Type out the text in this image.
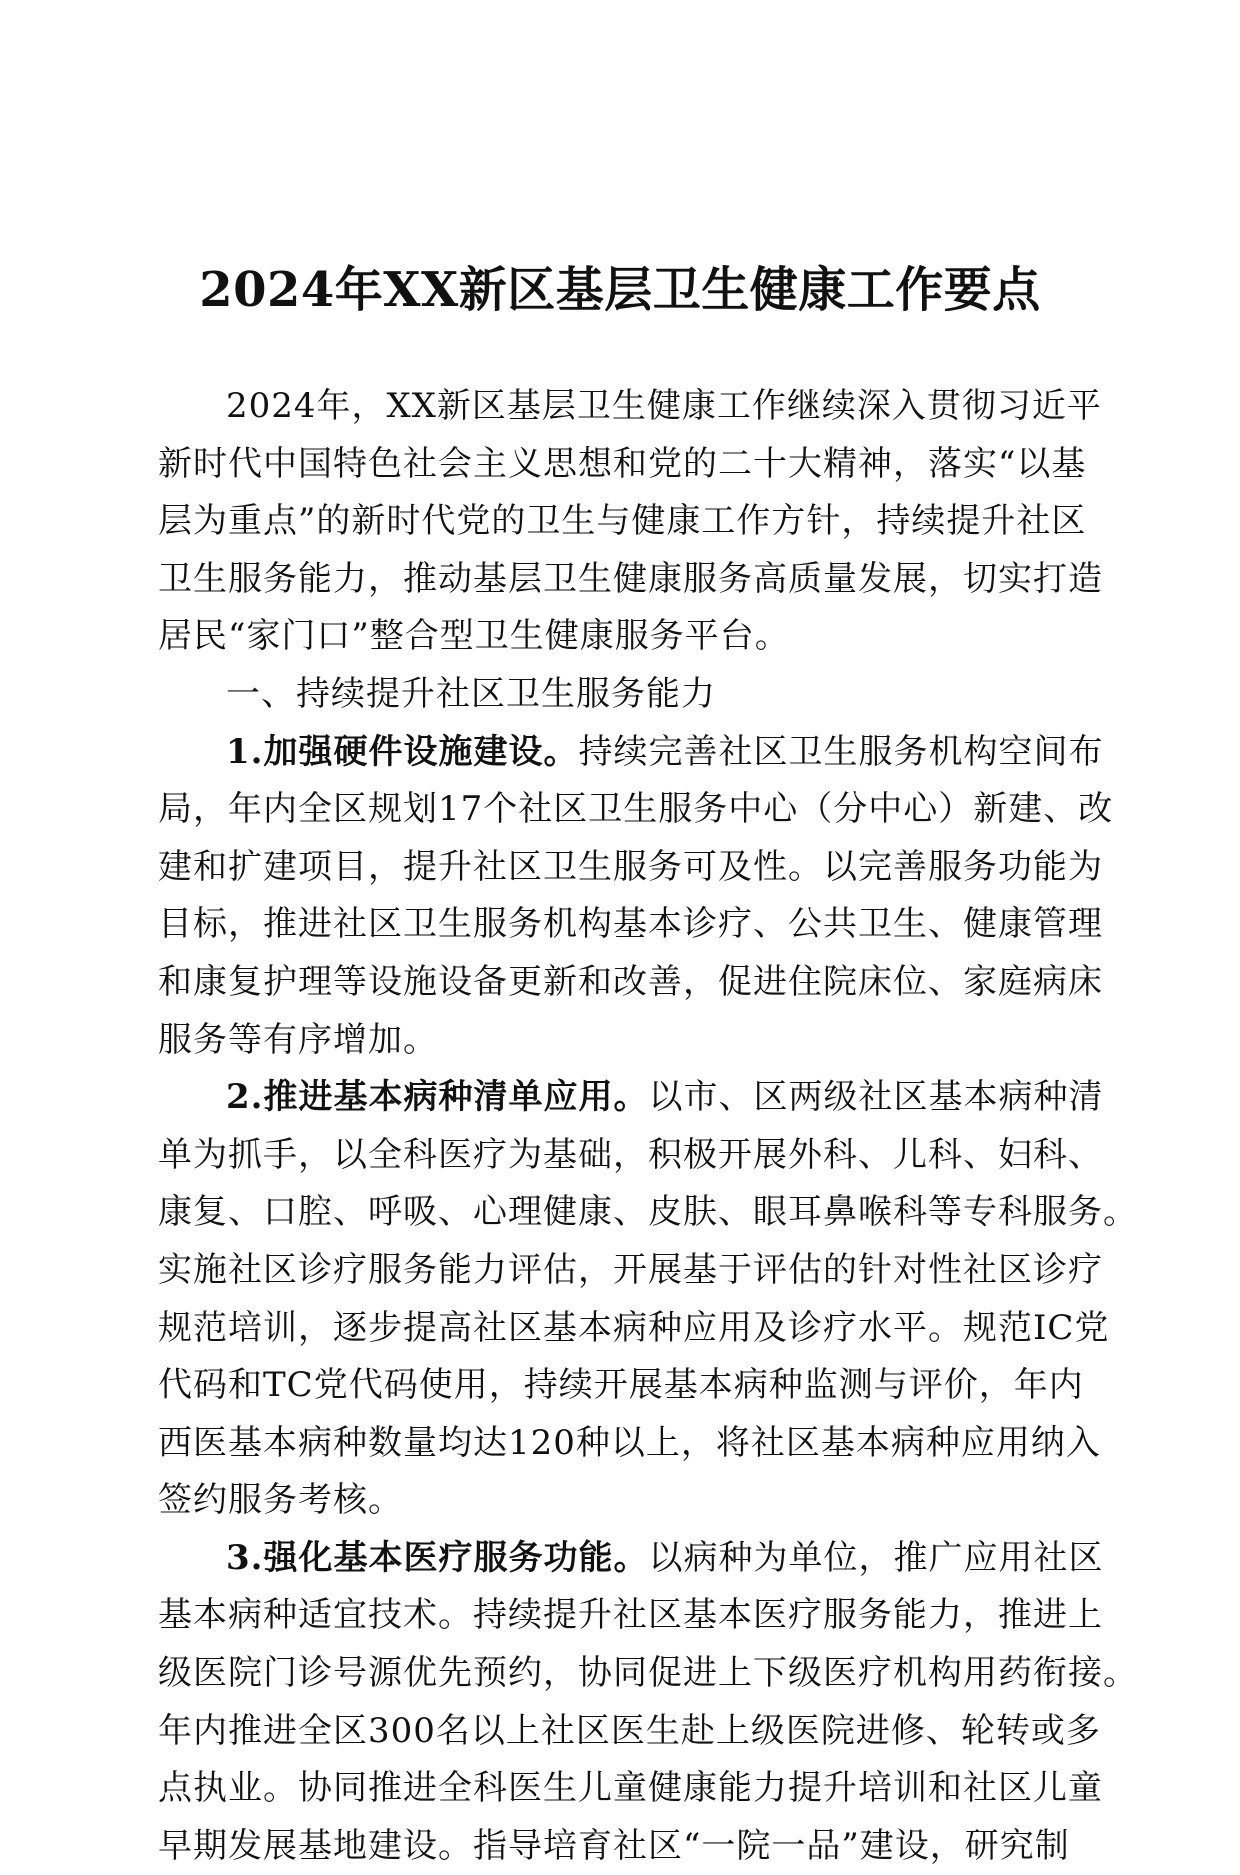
2024年XX新区基层卫生健康工作要点
2024年，XX新区基层卫生健康工作继续深入贯彻习近平
新时代中国特色社会主义思想和党的二十大精神，落实“以基
层为重点”的新时代党的卫生与健康工作方针，持续提升社区
卫生服务能力，推动基层卫生健康服务高质量发展，切实打造
居民“家门口”整合型卫生健康服务平台。
一、持续提升社区卫生服务能力
1.加强硬件设施建设。持续完善社区卫生服务机构空间布
局，年内全区规划17个社区卫生服务中心（分中心）新建、改
建和扩建项目，提升社区卫生服务可及性。以完善服务功能为
目标，推进社区卫生服务机构基本诊疗、公共卫生、健康管理
和康复护理等设施设备更新和改善，促进住院床位、家庭病床
服务等有序增加。
2.推进基本病种清单应用。以市、区两级社区基本病种清
单为抓手，以全科医疗为基础，积极开展外科、儿科、妇科、
康复、口腔、呼吸、心理健康、皮肤、眼耳鼻喉科等专科服务。
实施社区诊疗服务能力评估，开展基于评估的针对性社区诊疗
规范培训，逐步提高社区基本病种应用及诊疗水平。规范IC党
代码和TC党代码使用，持续开展基本病种监测与评价，年内
西医基本病种数量均达120种以上，将社区基本病种应用纳入
签约服务考核。
3.强化基本医疗服务功能。以病种为单位，推广应用社区
基本病种适宜技术。持续提升社区基本医疗服务能力，推进上
级医院门诊号源优先预约，协同促进上下级医疗机构用药衔接。
年内推进全区300名以上社区医生赴上级医院进修、轮转或多
点执业。协同推进全科医生儿童健康能力提升培训和社区儿童
早期发展基地建设。指导培育社区“一院一品”建设，研究制
